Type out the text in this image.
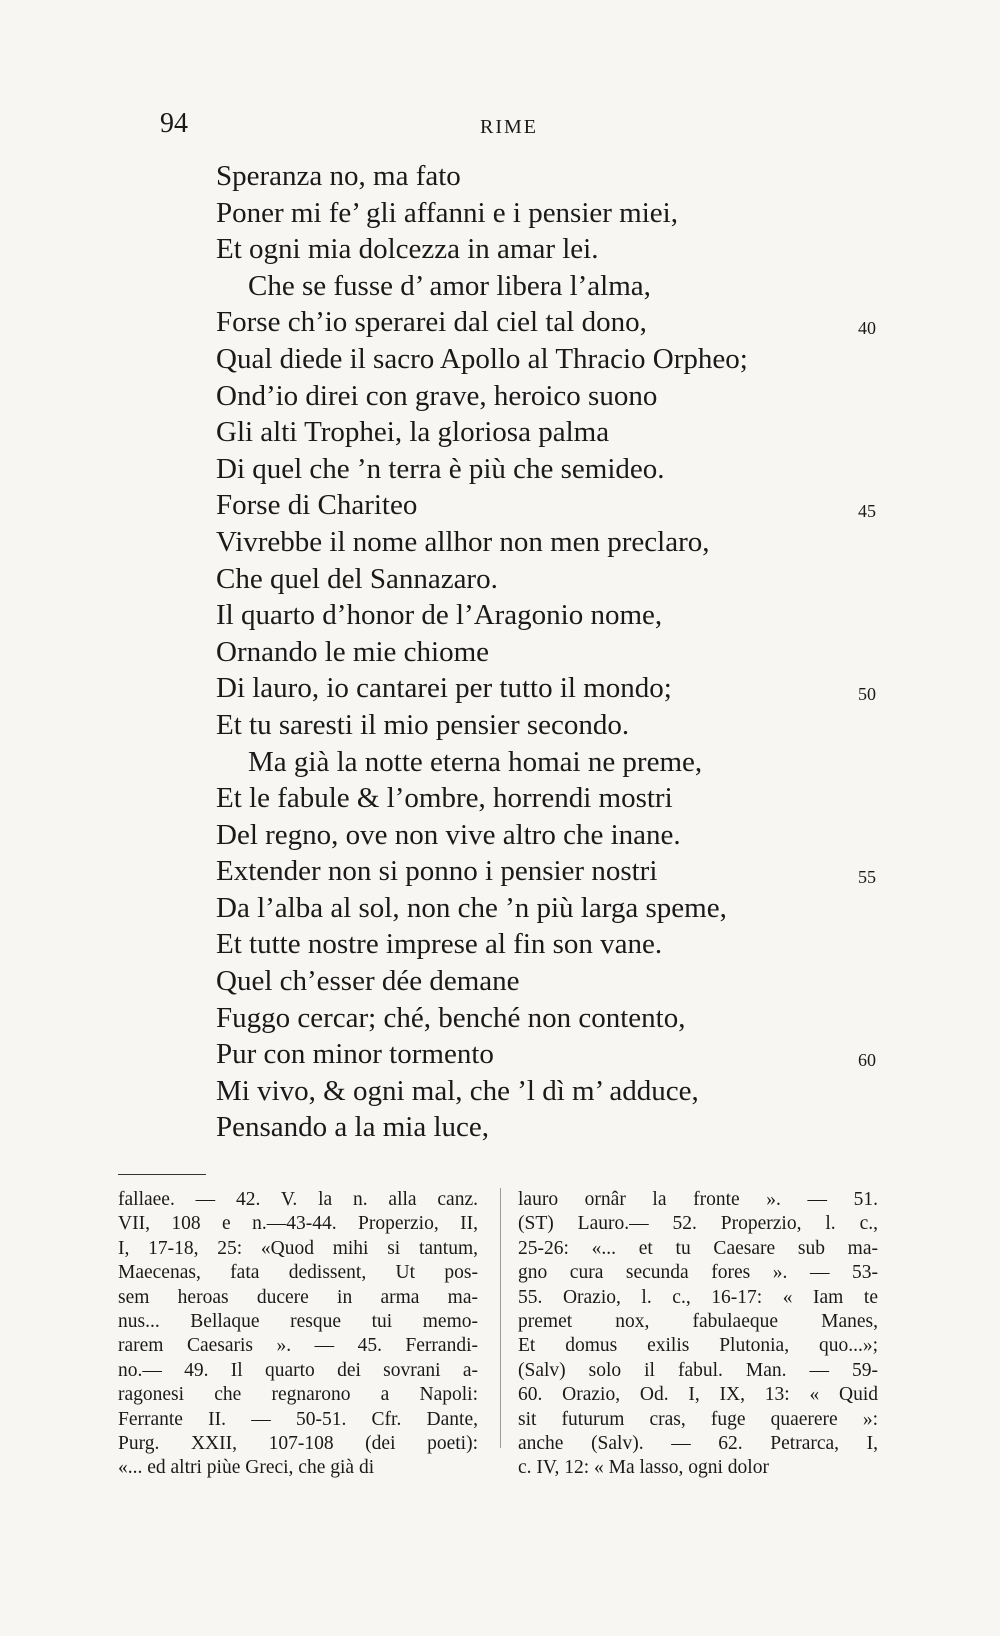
94	RIME
Speranza no, ma fato
Poner mi fe’ gli affanni e i pensier miei,
Et ogni mia dolcezza in amar lei.
Che se fusse d’ amor libera l’alma,
Forse ch’io sperarei dal ciel tal dono,	40
Qual diede il sacro Apollo al Thracio Orpheo;
Ond’io direi con grave, heroico suono
Gli alti Trophei, la gloriosa palma
Di quel che ’n terra è più che semideo.
Forse di Chariteo	45
Vivrebbe il nome allhor non men preclaro,
Che quel del Sannazaro.
Il quarto d’honor de l’Aragonio nome,
Ornando le mie chiome
Di lauro, io cantarei per tutto il mondo;	50
Et tu saresti il mio pensier secondo.
Ma già la notte eterna homai ne preme,
Et le fabule & l’ombre, horrendi mostri
Del regno, ove non vive altro che inane.
Extender non si ponno i pensier nostri	55
Da l’alba al sol, non che ’n più larga speme,
Et tutte nostre imprese al fin son vane.
Quel ch’esser dée demane
Fuggo cercar; ché, benché non contento,
Pur con minor tormento	60
Mi vivo, & ogni mal, che ’l dì m’ adduce,
Pensando a la mia luce,
fallaee. — 42. V. la n. alla canz.
VII, 108 e n.—43-44. Properzio, II,
I, 17-18, 25: «Quod mihi si tantum,
Maecenas, fata dedissent, Ut pos-
sem heroas ducere in arma ma-
nus... Bellaque resque tui memo-
rarem Caesaris ». — 45. Ferrandi-
no.— 49. Il quarto dei sovrani a-
ragonesi che regnarono a Napoli:
Ferrante II. — 50-51. Cfr. Dante,
Purg. XXII, 107-108 (dei poeti):
«... ed altri piùe Greci, che già di
lauro ornâr la fronte ». — 51.
(ST) Lauro.— 52. Properzio, l. c.,
25-26: «... et tu Caesare sub ma-
gno cura secunda fores ». — 53-
55. Orazio, l. c., 16-17: « Iam te
premet nox, fabulaeque Manes,
Et domus exilis Plutonia, quo...»;
(Salv) solo il fabul. Man. — 59-
60. Orazio, Od. I, IX, 13: « Quid
sit futurum cras, fuge quaerere »:
anche (Salv). — 62. Petrarca, I,
c. IV, 12: « Ma lasso, ogni dolor
